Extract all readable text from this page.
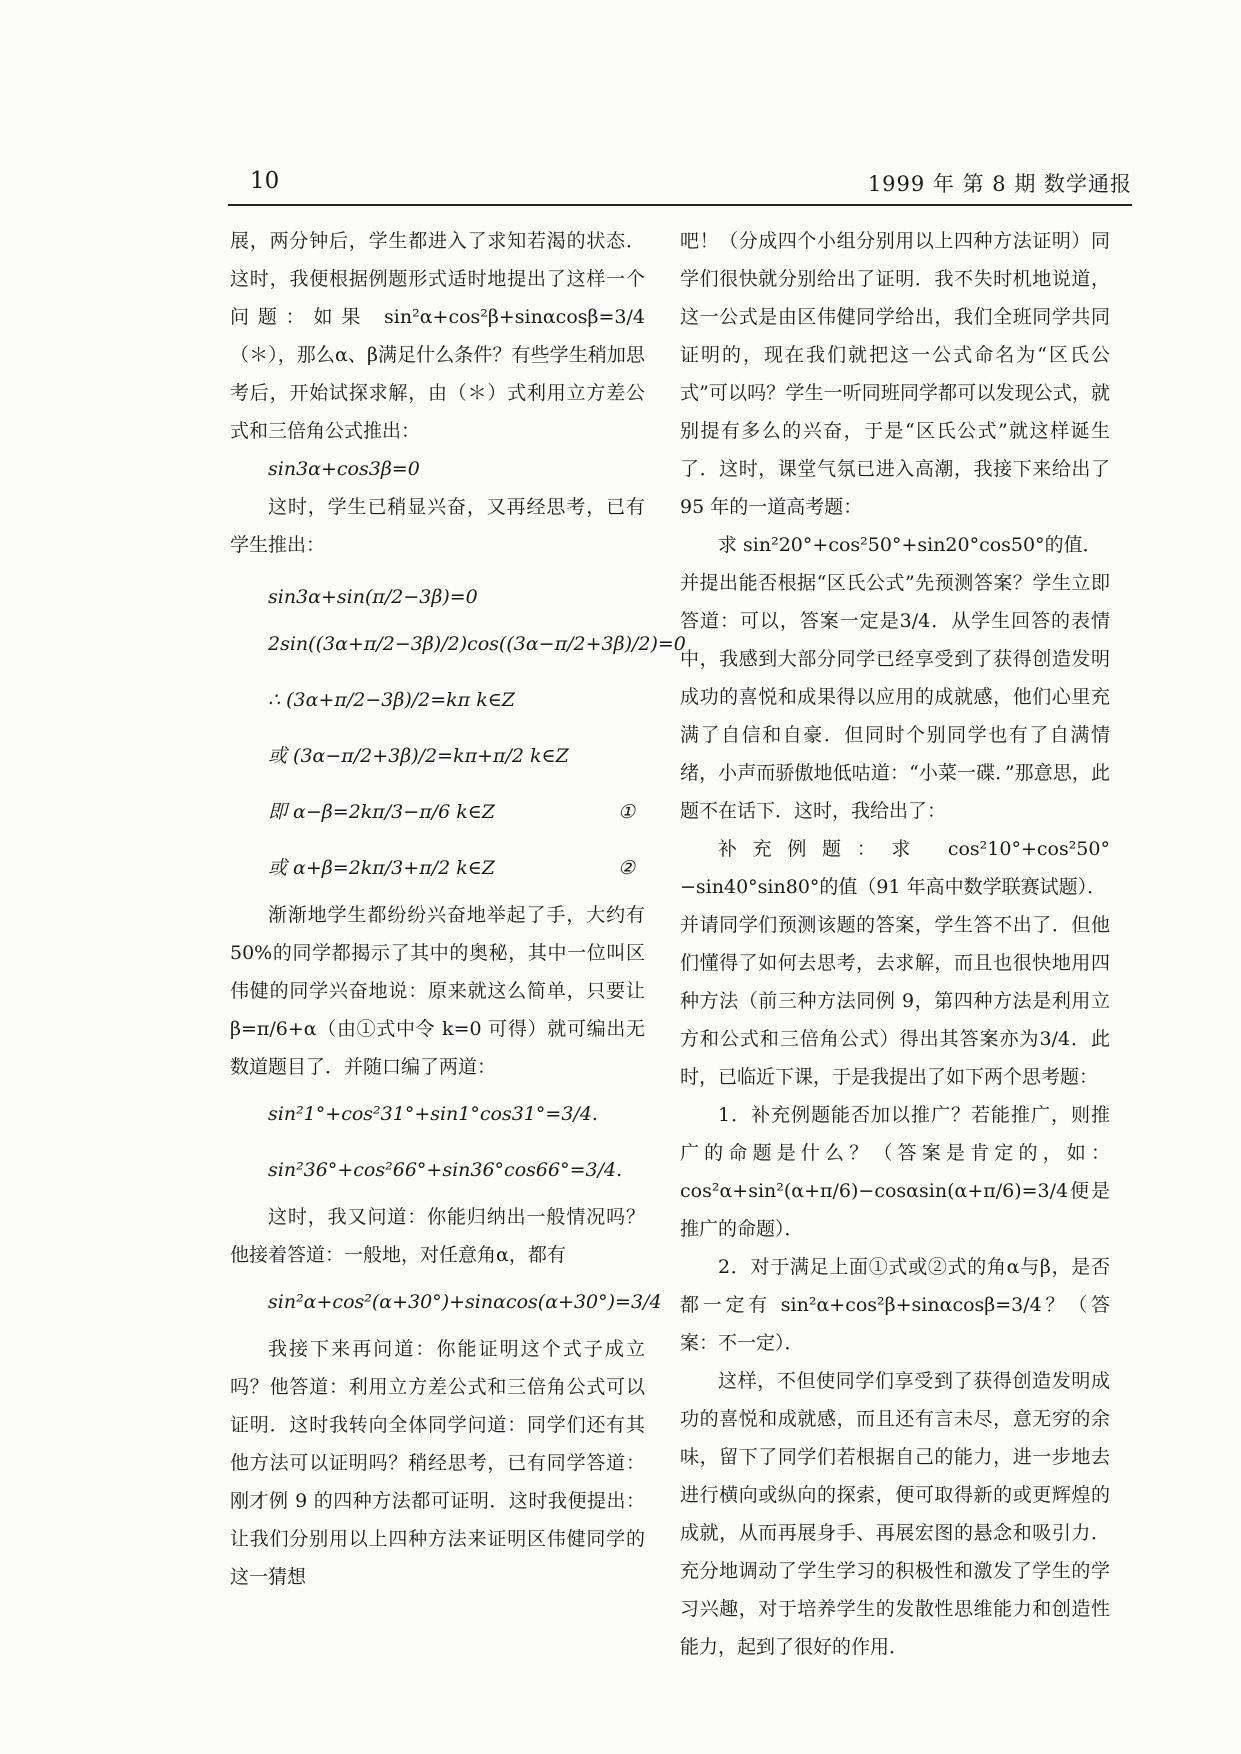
10	1999 年 第 8 期 数学通报

展，两分钟后，学生都进入了求知若渴的状态．这时，我便根据例题形式适时地提出了这样一个问题：如果 sin²α+cos²β+sinαcosβ=3/4（＊），那么α、β满足什么条件？有些学生稍加思考后，开始试探求解，由（＊）式利用立方差公式和三倍角公式推出：

sin3α+cos3β=0

这时，学生已稍显兴奋，又再经思考，已有学生推出：

sin3α+sin(π/2−3β)=0
2sin((3α+π/2−3β)/2)cos((3α−π/2+3β)/2)=0
∴ (3α+π/2−3β)/2=kπ k∈Z
或 (3α−π/2+3β)/2=kπ+π/2 k∈Z
即 α−β=2kπ/3−π/6 k∈Z	①
或 α+β=2kπ/3+π/2 k∈Z	②

渐渐地学生都纷纷兴奋地举起了手，大约有50%的同学都揭示了其中的奥秘，其中一位叫区伟健的同学兴奋地说：原来就这么简单，只要让β=π/6+α（由①式中令 k=0 可得）就可编出无数道题目了．并随口编了两道：

sin²1°+cos²31°+sin1°cos31°=3/4.
sin²36°+cos²66°+sin36°cos66°=3/4.

这时，我又问道：你能归纳出一般情况吗？他接着答道：一般地，对任意角α，都有

sin²α+cos²(α+30°)+sinαcos(α+30°)=3/4

我接下来再问道：你能证明这个式子成立吗？他答道：利用立方差公式和三倍角公式可以证明．这时我转向全体同学问道：同学们还有其他方法可以证明吗？稍经思考，已有同学答道：刚才例 9 的四种方法都可证明．这时我便提出：让我们分别用以上四种方法来证明区伟健同学的这一猜想

吧！（分成四个小组分别用以上四种方法证明）同学们很快就分别给出了证明．我不失时机地说道，这一公式是由区伟健同学给出，我们全班同学共同证明的，现在我们就把这一公式命名为“区氏公式”可以吗？学生一听同班同学都可以发现公式，就别提有多么的兴奋，于是“区氏公式”就这样诞生了．这时，课堂气氛已进入高潮，我接下来给出了 95 年的一道高考题：

求 sin²20°+cos²50°+sin20°cos50°的值．

并提出能否根据“区氏公式”先预测答案？学生立即答道：可以，答案一定是3/4．从学生回答的表情中，我感到大部分同学已经享受到了获得创造发明成功的喜悦和成果得以应用的成就感，他们心里充满了自信和自豪．但同时个别同学也有了自满情绪，小声而骄傲地低咕道：“小菜一碟．”那意思，此题不在话下．这时，我给出了：

补充例题：求 cos²10°+cos²50°−sin40°sin80°的值（91 年高中数学联赛试题）．

并请同学们预测该题的答案，学生答不出了．但他们懂得了如何去思考，去求解，而且也很快地用四种方法（前三种方法同例 9，第四种方法是利用立方和公式和三倍角公式）得出其答案亦为3/4．此时，已临近下课，于是我提出了如下两个思考题：

1．补充例题能否加以推广？若能推广，则推广的命题是什么？（答案是肯定的，如：cos²α+sin²(α+π/6)−cosαsin(α+π/6)=3/4便是推广的命题）．

2．对于满足上面①式或②式的角α与β，是否都一定有 sin²α+cos²β+sinαcosβ=3/4？（答案：不一定）．

这样，不但使同学们享受到了获得创造发明成功的喜悦和成就感，而且还有言未尽，意无穷的余味，留下了同学们若根据自己的能力，进一步地去进行横向或纵向的探索，便可取得新的或更辉煌的成就，从而再展身手、再展宏图的悬念和吸引力．充分地调动了学生学习的积极性和激发了学生的学习兴趣，对于培养学生的发散性思维能力和创造性能力，起到了很好的作用．
